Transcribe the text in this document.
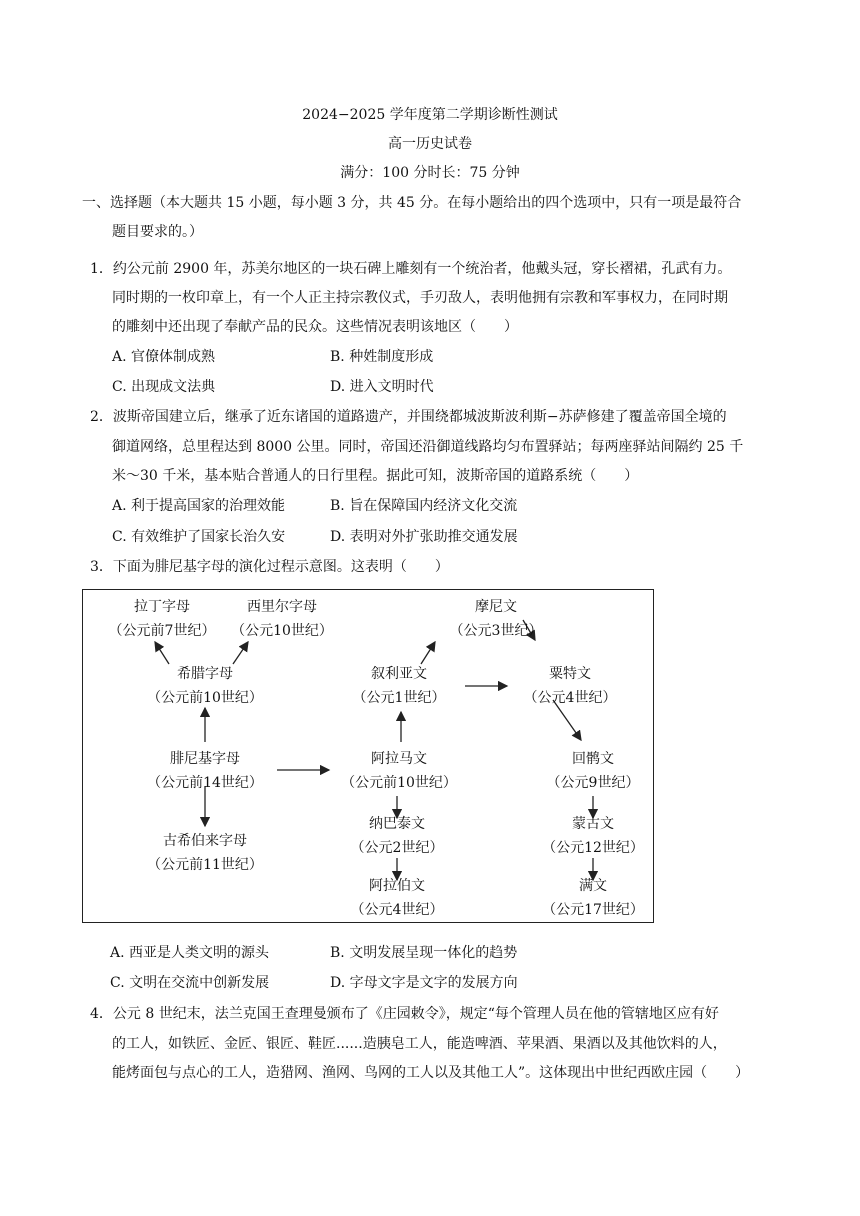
2024−2025 学年度第二学期诊断性测试
高一历史试卷
满分：100 分时长：75 分钟
一、选择题（本大题共 15 小题，每小题 3 分，共 45 分。在每小题给出的四个选项中，只有一项是最符合
题目要求的。）
1．约公元前 2900 年，苏美尔地区的一块石碑上雕刻有一个统治者，他戴头冠，穿长褶裙，孔武有力。
同时期的一枚印章上，有一个人正主持宗教仪式，手刃敌人，表明他拥有宗教和军事权力，在同时期
的雕刻中还出现了奉献产品的民众。这些情况表明该地区（　　）
A. 官僚体制成熟	B. 种姓制度形成
C. 出现成文法典	D. 进入文明时代
2．波斯帝国建立后，继承了近东诸国的道路遗产，并围绕都城波斯波利斯−苏萨修建了覆盖帝国全境的
御道网络，总里程达到 8000 公里。同时，帝国还沿御道线路均匀布置驿站；每两座驿站间隔约 25 千
米～30 千米，基本贴合普通人的日行里程。据此可知，波斯帝国的道路系统（　　）
A. 利于提高国家的治理效能	B. 旨在保障国内经济文化交流
C. 有效维护了国家长治久安	D. 表明对外扩张助推交通发展
3．下面为腓尼基字母的演化过程示意图。这表明（　　）
拉丁字母
（公元前7世纪）
西里尔字母
（公元10世纪）
希腊字母
（公元前10世纪）
腓尼基字母
（公元前14世纪）
古希伯来字母
（公元前11世纪）
摩尼文
（公元3世纪）
叙利亚文
（公元1世纪）
粟特文
（公元4世纪）
阿拉马文
（公元前10世纪）
回鹘文
（公元9世纪）
纳巴泰文
（公元2世纪）
蒙古文
（公元12世纪）
阿拉伯文
（公元4世纪）
满文
（公元17世纪）
A. 西亚是人类文明的源头	B. 文明发展呈现一体化的趋势
C. 文明在交流中创新发展	D. 字母文字是文字的发展方向
4．公元 8 世纪末，法兰克国王查理曼颁布了《庄园敕令》，规定“每个管理人员在他的管辖地区应有好
的工人，如铁匠、金匠、银匠、鞋匠......造胰皂工人，能造啤酒、苹果酒、果酒以及其他饮料的人，
能烤面包与点心的工人，造猎网、渔网、鸟网的工人以及其他工人”。这体现出中世纪西欧庄园（　　）
